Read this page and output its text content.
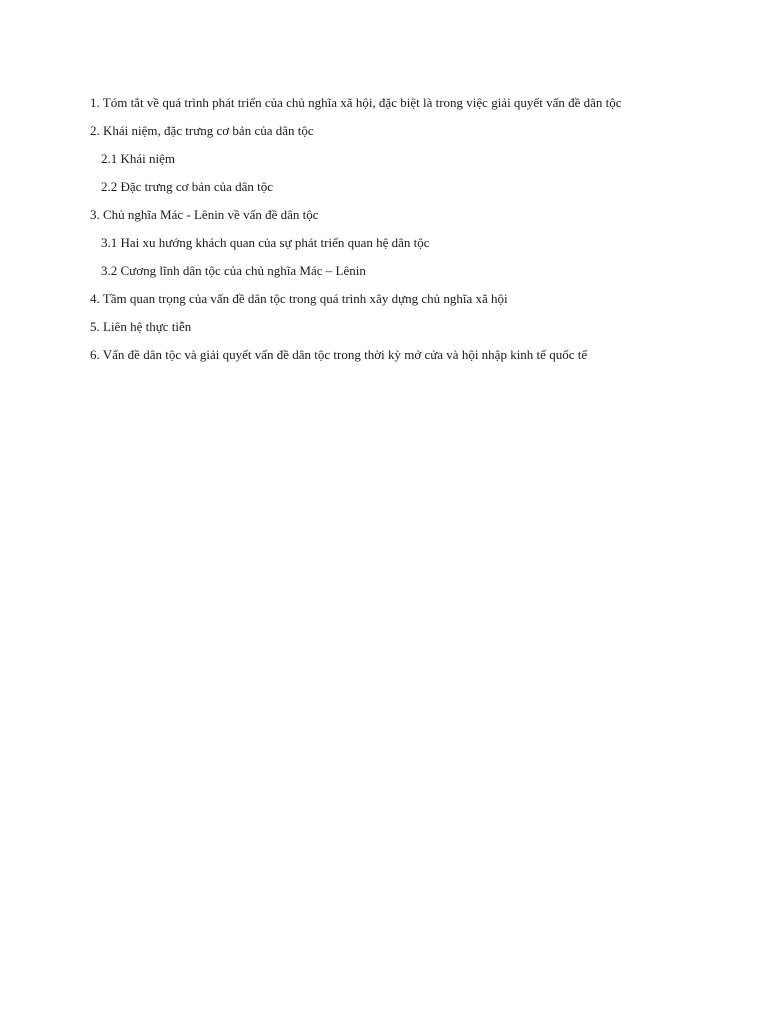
1. Tóm tắt về quá trình phát triển của chủ nghĩa xã hội, đặc biệt là trong việc giải quyết vấn đề dân tộc
2. Khái niệm, đặc trưng cơ bản của dân tộc
2.1 Khái niệm
2.2 Đặc trưng cơ bản của dân tộc
3. Chủ nghĩa Mác - Lênin về vấn đề dân tộc
3.1 Hai xu hướng khách quan của sự phát triển quan hệ dân tộc
3.2 Cương lĩnh dân tộc của chủ nghĩa Mác – Lênin
4. Tầm quan trọng của vấn đề dân tộc trong quá trình xây dựng chủ nghĩa xã hội
5. Liên hệ thực tiễn
6. Vấn đề dân tộc và giải quyết vấn đề dân tộc trong thời kỳ mở cửa và hội nhập kinh tế quốc tế
